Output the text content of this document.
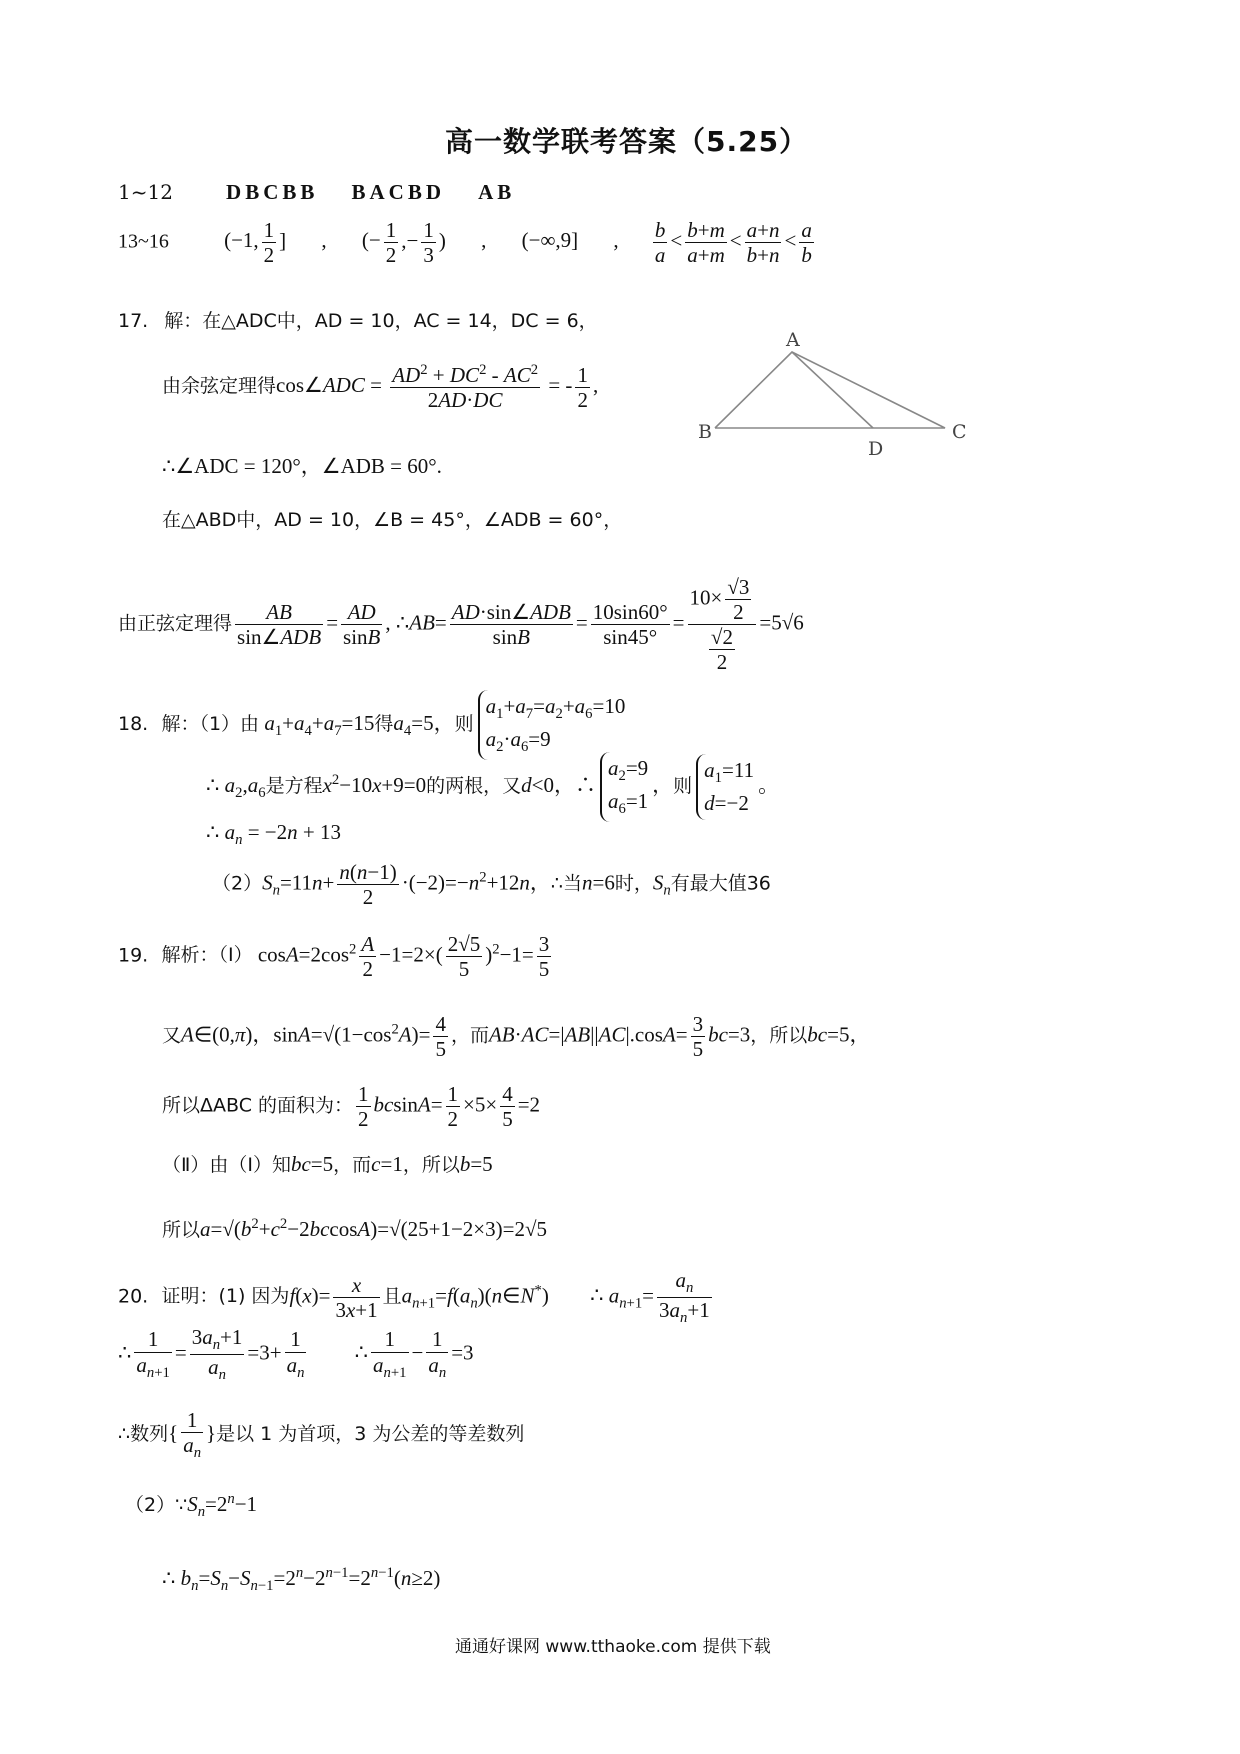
高一数学联考答案（5.25）
1~12	DBCBB BACBD AB
13~16	(−1, $\frac{1}{2}$ ] , (− $\frac{1}{2}$ ,− $\frac{1}{3}$ ) , (−∞,9] , $\frac{b}{a} < \frac{b+m}{a+m} < \frac{a+n}{b+n} < \frac{a}{b}$
17. 解：在△ADC中，AD = 10，AC = 14，DC = 6，
由余弦定理得cos∠ADC = $\frac{AD^2 + DC^2 - AC^2}{2AD\cdot DC}$ = - $\frac{1}{2}$ ,
A
B
D
C
∴∠ADC = 120°，∠ADB = 60°.
在△ABD中，AD = 10，∠B = 45°，∠ADB = 60°，
由正弦定理得 $\frac{AB}{\text{sin∠ADB}} = \frac{AD}{\sin B}$ , ∴AB= $\frac{\text{AD·sin∠ADB}}{\sin B} = \frac{10\sin 60^\circ}{\sin 45^\circ} = \frac{10\times \frac{√3}{2}}{\frac{√2}{2}} =5√6$
18. 解：（1）由 $a_1+a_4+a_7=15$得$a_4=5$，则
$a_1+a_7=a_2+a_6=10$
$a_2\cdot a_6=9$
∴ $a_2,a_6$是方程$x^2-10x+9=0$的两根，又d<0，∴
$a_2=9$
$a_6=1$
，则
$a_1=11$
d=−2
。
∴ $a_n = -2n + 13$
$(2)S_n=11n+ \frac{n(n-1)}{2} \cdot(-2)=-n^2+12n$，∴当n=6时，$S_n$有最大值36
19. 解析：（Ⅰ） $\cos A=2\cos^2 \frac{A}{2} -1=2\times( \frac{2√5}{5} )^2-1= \frac{3}{5}$
又A∈(0,π)，$\sin A=√(1-\cos^2A)= \frac{4}{5}$ ，而$AB\cdot AC=|AB||AC|.\cos A= \frac{3}{5} bc=3$，所以bc=5，
所以ΔABC 的面积为： $\frac{1}{2} bcsinA= \frac{1}{2} \times 5\times \frac{4}{5} =2$
（Ⅱ）由（Ⅰ）知bc=5，而c=1，所以b=5
所以$a=√(b^2+c^2-2bccosA)=√(25+1-2\times 3)=2√5$
20. 证明：(1) 因为$f(x)= \frac{x}{3x+1}$ 且$a_{n+1}=f(a_n)(n\in N^*)$ ∴ $a_{n+1}= \frac{a_n}{3a_n+1}$
∴ $\frac{1}{a_{n+1}} = \frac{3a_n+1}{a_n} =3+ \frac{1}{a_n}$ ∴ $\frac{1}{a_{n+1}} - \frac{1}{a_n} =3$
∴数列{ $\frac{1}{a_n}$ }是以 1 为首项，3 为公差的等差数列
$(2)\because S_n=2^n-1$
∴ $b_n=S_n-S_{n-1}=2^n-2^{n-1}=2^{n-1}(n\ge 2)$
通通好课网 www.tthaoke.com 提供下载
